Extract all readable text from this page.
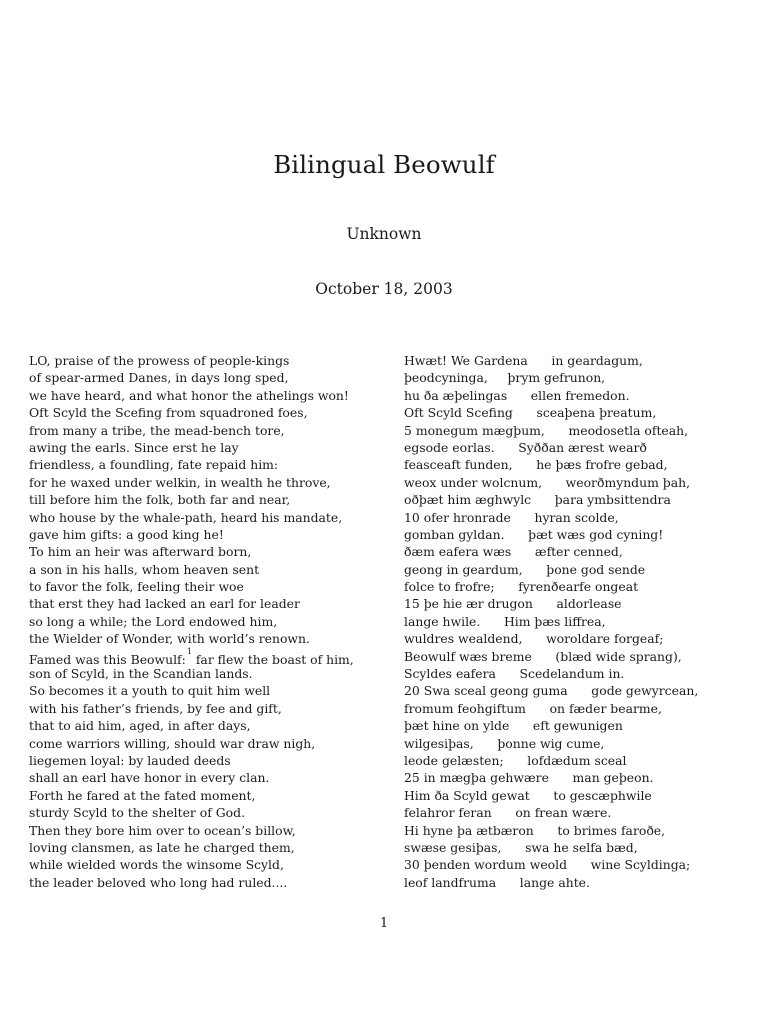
Bilingual Beowulf
Unknown
October 18, 2003
LO, praise of the prowess of people-kings
of spear-armed Danes, in days long sped,
we have heard, and what honor the athelings won!
Oft Scyld the Scefing from squadroned foes,
from many a tribe, the mead-bench tore,
awing the earls. Since erst he lay
friendless, a foundling, fate repaid him:
for he waxed under welkin, in wealth he throve,
till before him the folk, both far and near,
who house by the whale-path, heard his mandate,
gave him gifts: a good king he!
To him an heir was afterward born,
a son in his halls, whom heaven sent
to favor the folk, feeling their woe
that erst they had lacked an earl for leader
so long a while; the Lord endowed him,
the Wielder of Wonder, with world’s renown.
Famed was this Beowulf:$^1$ far flew the boast of him,
son of Scyld, in the Scandian lands.
So becomes it a youth to quit him well
with his father’s friends, by fee and gift,
that to aid him, aged, in after days,
come warriors willing, should war draw nigh,
liegemen loyal: by lauded deeds
shall an earl have honor in every clan.
Forth he fared at the fated moment,
sturdy Scyld to the shelter of God.
Then they bore him over to ocean’s billow,
loving clansmen, as late he charged them,
while wielded words the winsome Scyld,
the leader beloved who long had ruled....
Hwæt! We Gardena      in geardagum,
þeodcyninga,     þrym gefrunon,
hu ða æþelingas      ellen fremedon.
Oft Scyld Scefing      sceaþena þreatum,
5 monegum mægþum,      meodosetla ofteah,
egsode eorlas.      Syððan ærest wearð
feasceaft funden,      he þæs frofre gebad,
weox under wolcnum,      weorðmyndum þah,
oðþæt him æghwylc      þara ymbsittendra
10 ofer hronrade      hyran scolde,
gomban gyldan.      þæt wæs god cyning!
ðæm eafera wæs      æfter cenned,
geong in geardum,      þone god sende
folce to frofre;      fyrenðearfe ongeat
15 þe hie ær drugon      aldorlease
lange hwile.      Him þæs liffrea,
wuldres wealdend,      woroldare forgeaf;
Beowulf wæs breme      (blæd wide sprang),
Scyldes eafera      Scedelandum in.
20 Swa sceal geong guma      gode gewyrcean,
fromum feohgiftum      on fæder bearme,
þæt hine on ylde      eft gewunigen
wilgesiþas,      þonne wig cume,
leode gelæsten;      lofdædum sceal
25 in mægþa gehwære      man geþeon.
Him ða Scyld gewat      to gescæphwile
felahror feran      on frean wære.
Hi hyne þa ætbæron      to brimes faroðe,
swæse gesiþas,      swa he selfa bæd,
30 þenden wordum weold      wine Scyldinga;
leof landfruma      lange ahte.
1
